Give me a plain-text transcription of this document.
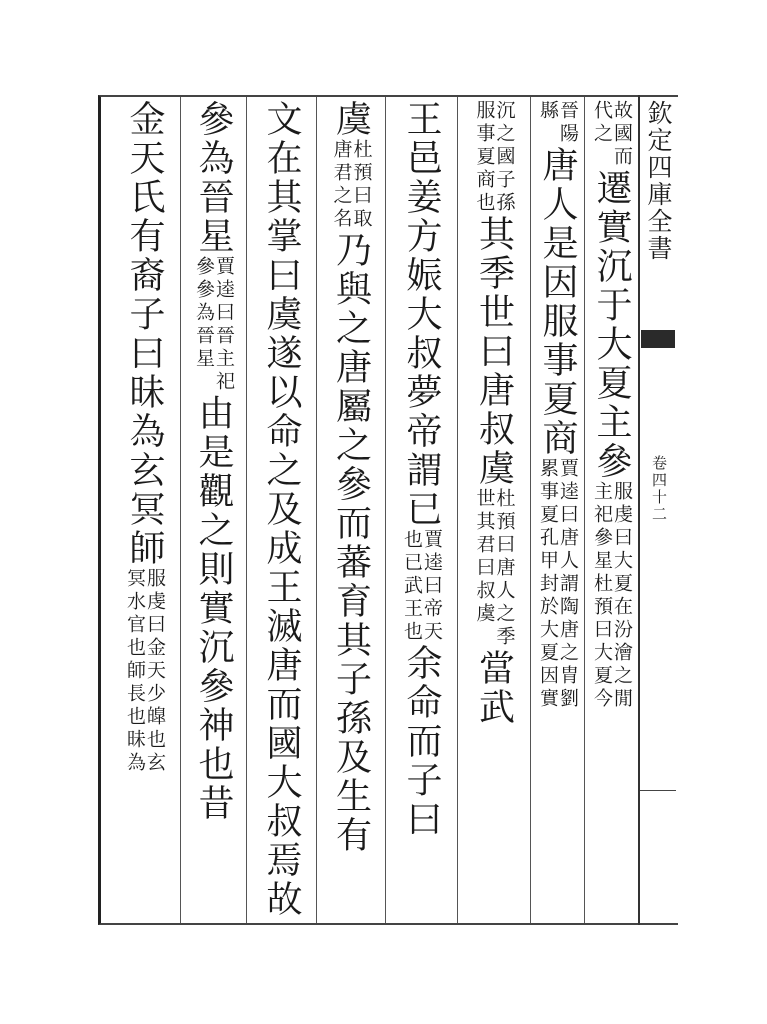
欽定四庫全書
卷四十二
故國而
代之
遷實沉于大夏主參
服虔曰大夏在汾澮之閒
主祀參星杜預曰大夏今
晉陽
縣
唐人是因服事夏商
賈逵曰唐人謂陶唐之胄劉
累事夏孔甲封於大夏因實
沉之國子孫
服事夏商也
其季世曰唐叔虞
杜預曰唐人之季
世其君曰叔虞
當武
王邑姜方娠大叔夢帝謂已
賈逵曰帝天
也已武王也
余命而子曰
虞
杜預曰取
唐君之名
乃與之唐屬之參而蕃育其子孫及生有
文在其掌曰虞遂以命之及成王滅唐而國大叔焉故
參為晉星
賈逵曰晉主祀
參參為晉星
由是觀之則實沉參神也昔
金天氏有裔子曰昧為玄冥師
服虔曰金天少皥也玄
冥水官也師長也昧為
